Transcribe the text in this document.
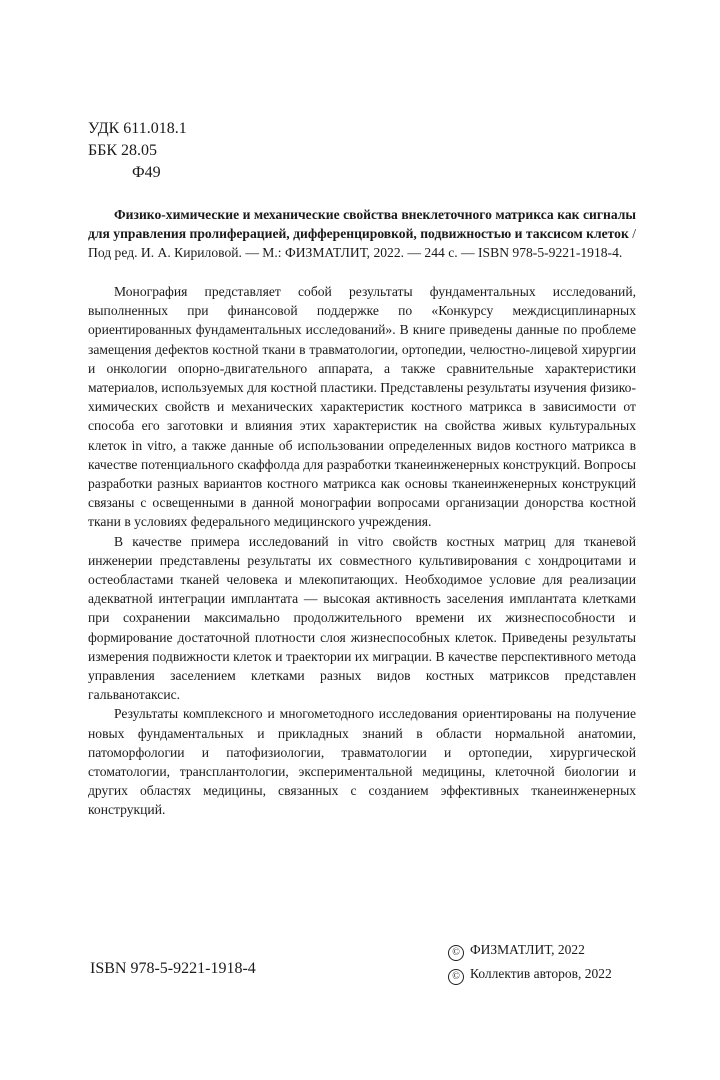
УДК 611.018.1
ББК 28.05
Ф49
Физико-химические и механические свойства внеклеточного матрикса как сигналы для управления пролиферацией, дифференцировкой, подвижностью и таксисом клеток / Под ред. И. А. Кириловой. — М.: ФИЗМАТЛИТ, 2022. — 244 с. — ISBN 978-5-9221-1918-4.

Монография представляет собой результаты фундаментальных исследований, выполненных при финансовой поддержке по «Конкурсу междисциплинарных ориентированных фундаментальных исследований». В книге приведены данные по проблеме замещения дефектов костной ткани в травматологии, ортопедии, челюстно-лицевой хирургии и онкологии опорно-двигательного аппарата, а также сравнительные характеристики материалов, используемых для костной пластики. Представлены результаты изучения физико-химических свойств и механических характеристик костного матрикса в зависимости от способа его заготовки и влияния этих характеристик на свойства живых культуральных клеток in vitro, а также данные об использовании определенных видов костного матрикса в качестве потенциального скаффолда для разработки тканеинженерных конструкций. Вопросы разработки разных вариантов костного матрикса как основы тканеинженерных конструкций связаны с освещенными в данной монографии вопросами организации донорства костной ткани в условиях федерального медицинского учреждения.

В качестве примера исследований in vitro свойств костных матриц для тканевой инженерии представлены результаты их совместного культивирования с хондроцитами и остеобластами тканей человека и млекопитающих. Необходимое условие для реализации адекватной интеграции имплантата — высокая активность заселения имплантата клетками при сохранении максимально продолжительного времени их жизнеспособности и формирование достаточной плотности слоя жизнеспособных клеток. Приведены результаты измерения подвижности клеток и траектории их миграции. В качестве перспективного метода управления заселением клетками разных видов костных матриксов представлен гальванотаксис.

Результаты комплексного и многометодного исследования ориентированы на получение новых фундаментальных и прикладных знаний в области нормальной анатомии, патоморфологии и патофизиологии, травматологии и ортопедии, хирургической стоматологии, трансплантологии, экспериментальной медицины, клеточной биологии и других областях медицины, связанных с созданием эффективных тканеинженерных конструкций.

ISBN 978-5-9221-1918-4
© ФИЗМАТЛИТ, 2022
© Коллектив авторов, 2022
